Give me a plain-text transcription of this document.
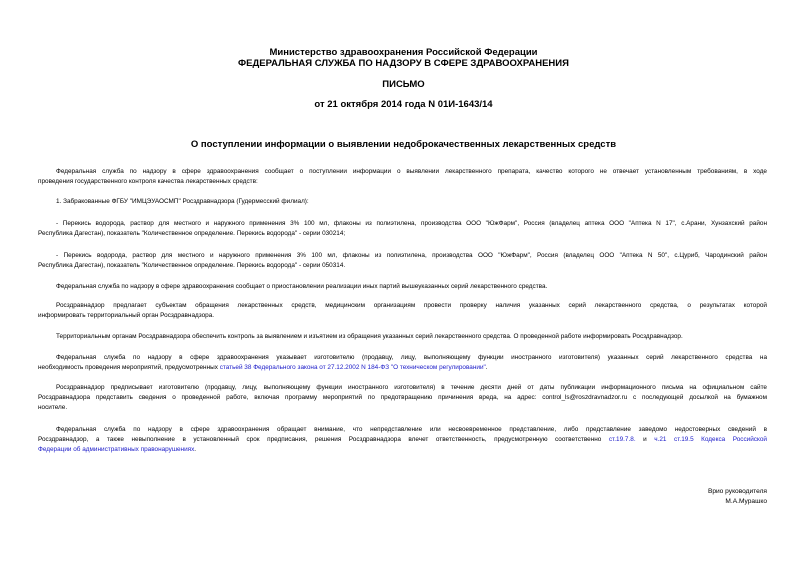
Министерство здравоохранения Российской Федерации
ФЕДЕРАЛЬНАЯ СЛУЖБА ПО НАДЗОРУ В СФЕРЕ ЗДРАВООХРАНЕНИЯ
ПИСЬМО
от 21 октября 2014 года N 01И-1643/14
О поступлении информации о выявлении недоброкачественных лекарственных средств
Федеральная служба по надзору в сфере здравоохранения сообщает о поступлении информации о выявлении лекарственного препарата, качество которого не отвечает установленным требованиям, в ходе
проведения государственного контроля качества лекарственных средств:
1. Забракованные ФГБУ "ИМЦЭУАОСМП" Росздравнадзора (Гудермесский филиал):
- Перекись водорода, раствор для местного и наружного применения 3% 100 мл, флаконы из полиэтилена, производства ООО "ЮжФарм", Россия (владелец аптека ООО "Аптека N 17", с.Арани, Хунзахский район
Республика Дагестан), показатель "Количественное определение. Перекись водорода" - серии 030214;
- Перекись водорода, раствор для местного и наружного применения 3% 100 мл, флаконы из полиэтилена, производства ООО "ЮжФарм", Россия (владелец ООО "Аптека N 50", с.Цуриб, Чародинский район
Республика Дагестан), показатель "Количественное определение. Перекись водорода" - серии 050314.
Федеральная служба по надзору в сфере здравоохранения сообщает о приостановлении реализации иных партий вышеуказанных серий лекарственного средства.
Росздравнадзор предлагает субъектам обращения лекарственных средств, медицинским организациям провести проверку наличия указанных серий лекарственного средства, о результатах которой
информировать территориальный орган Росздравнадзора.
Территориальным органам Росздравнадзора обеспечить контроль за выявлением и изъятием из обращения указанных серий лекарственного средства. О проведенной работе информировать Росздравнадзор.
Федеральная служба по надзору в сфере здравоохранения указывает изготовителю (продавцу, лицу, выполняющему функции иностранного изготовителя) указанных серий лекарственного средства на
необходимость проведения мероприятий, предусмотренных статьей 38 Федерального закона от 27.12.2002 N 184-ФЗ "О техническом регулировании".
Росздравнадзор предписывает изготовителю (продавцу, лицу, выполняющему функции иностранного изготовителя) в течение десяти дней от даты публикации информационного письма на официальном сайте
Росздравнадзора представить сведения о проведенной работе, включая программу мероприятий по предотвращению причинения вреда, на адрес: control_ls@roszdravnadzor.ru с последующей досылкой на бумажном
носителе.
Федеральная служба по надзору в сфере здравоохранения обращает внимание, что непредставление или несвоевременное представление, либо представление заведомо недостоверных сведений в
Росздравнадзор, а также невыполнение в установленный срок предписания, решения Росздравнадзора влечет ответственность, предусмотренную соответственно ст.19.7.8. и ч.21 ст.19.5 Кодекса Российской
Федерации об административных правонарушениях.
Врио руководителя
М.А.Мурашко
